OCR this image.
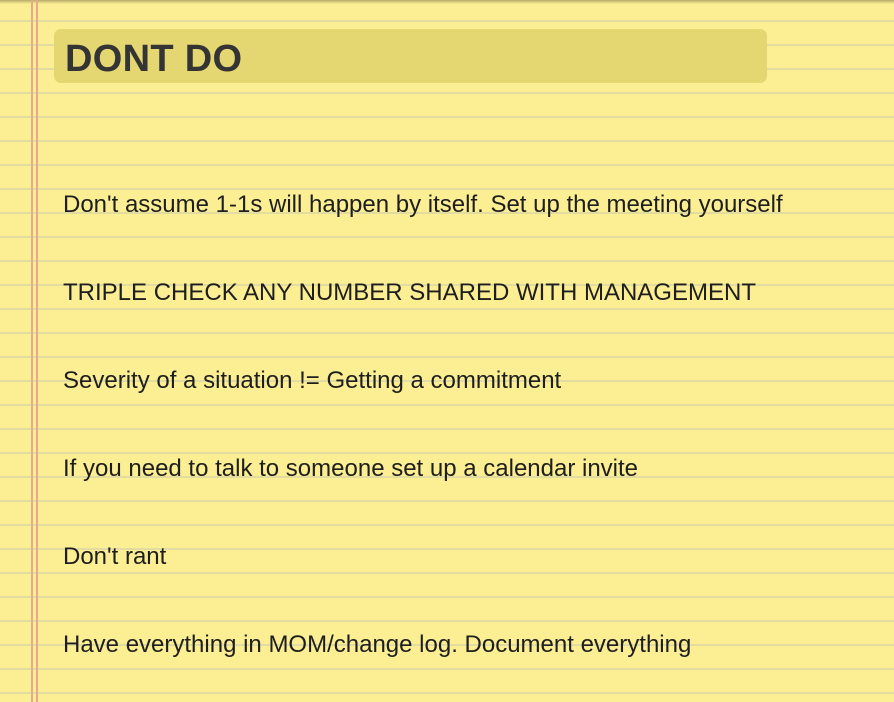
DONT DO
Don't assume 1-1s will happen by itself. Set up the meeting yourself
TRIPLE CHECK ANY NUMBER SHARED WITH MANAGEMENT
Severity of a situation != Getting a commitment
If you need to talk to someone set up a calendar invite
Don't rant
Have everything in MOM/change log. Document everything
